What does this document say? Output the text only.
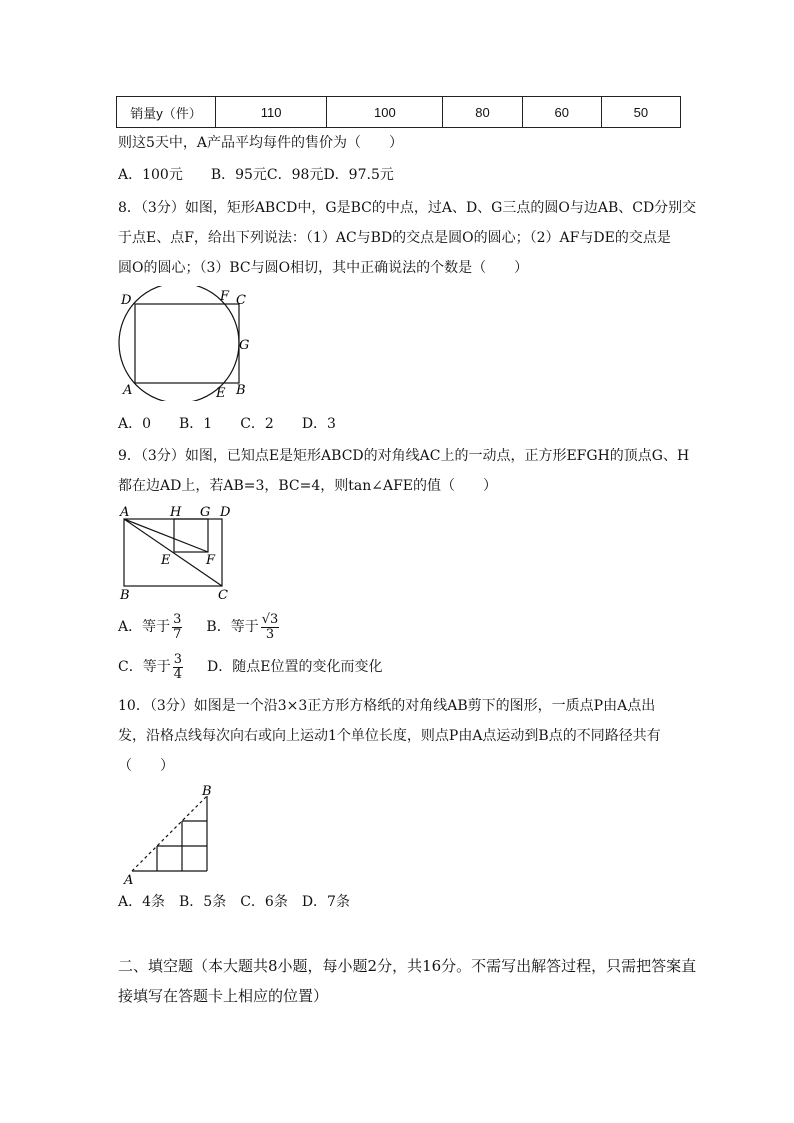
销量y（件）	110	100	80	60	50
则这5天中，A产品平均每件的售价为（　　）
A．100元　　B．95元C．98元D．97.5元
8．（3分）如图，矩形ABCD中，G是BC的中点，过A、D、G三点的圆O与边AB、CD分别交
于点E、点F，给出下列说法：（1）AC与BD的交点是圆O的圆心；（2）AF与DE的交点是
圆O的圆心；（3）BC与圆O相切，其中正确说法的个数是（　　）
D	F C
G
A	E B
A．0　　B．1　　C．2　　D．3
9．（3分）如图，已知点E是矩形ABCD的对角线AC上的一动点，正方形EFGH的顶点G、H
都在边AD上，若AB=3，BC=4，则tan∠AFE的值（　　）
A	H G D
E	F
B	C
A．等于 $\frac{3}{7}$ B．等于 $\frac{√3}{3}$
C．等于 $\frac{3}{4}$ D．随点E位置的变化而变化
10．（3分）如图是一个沿3×3正方形方格纸的对角线AB剪下的图形，一质点P由A点出
发，沿格点线每次向右或向上运动1个单位长度，则点P由A点运动到B点的不同路径共有
（　　）
A
B
A．4条　B．5条　C．6条　D．7条
二、填空题（本大题共8小题，每小题2分，共16分。不需写出解答过程，只需把答案直
接填写在答题卡上相应的位置）
